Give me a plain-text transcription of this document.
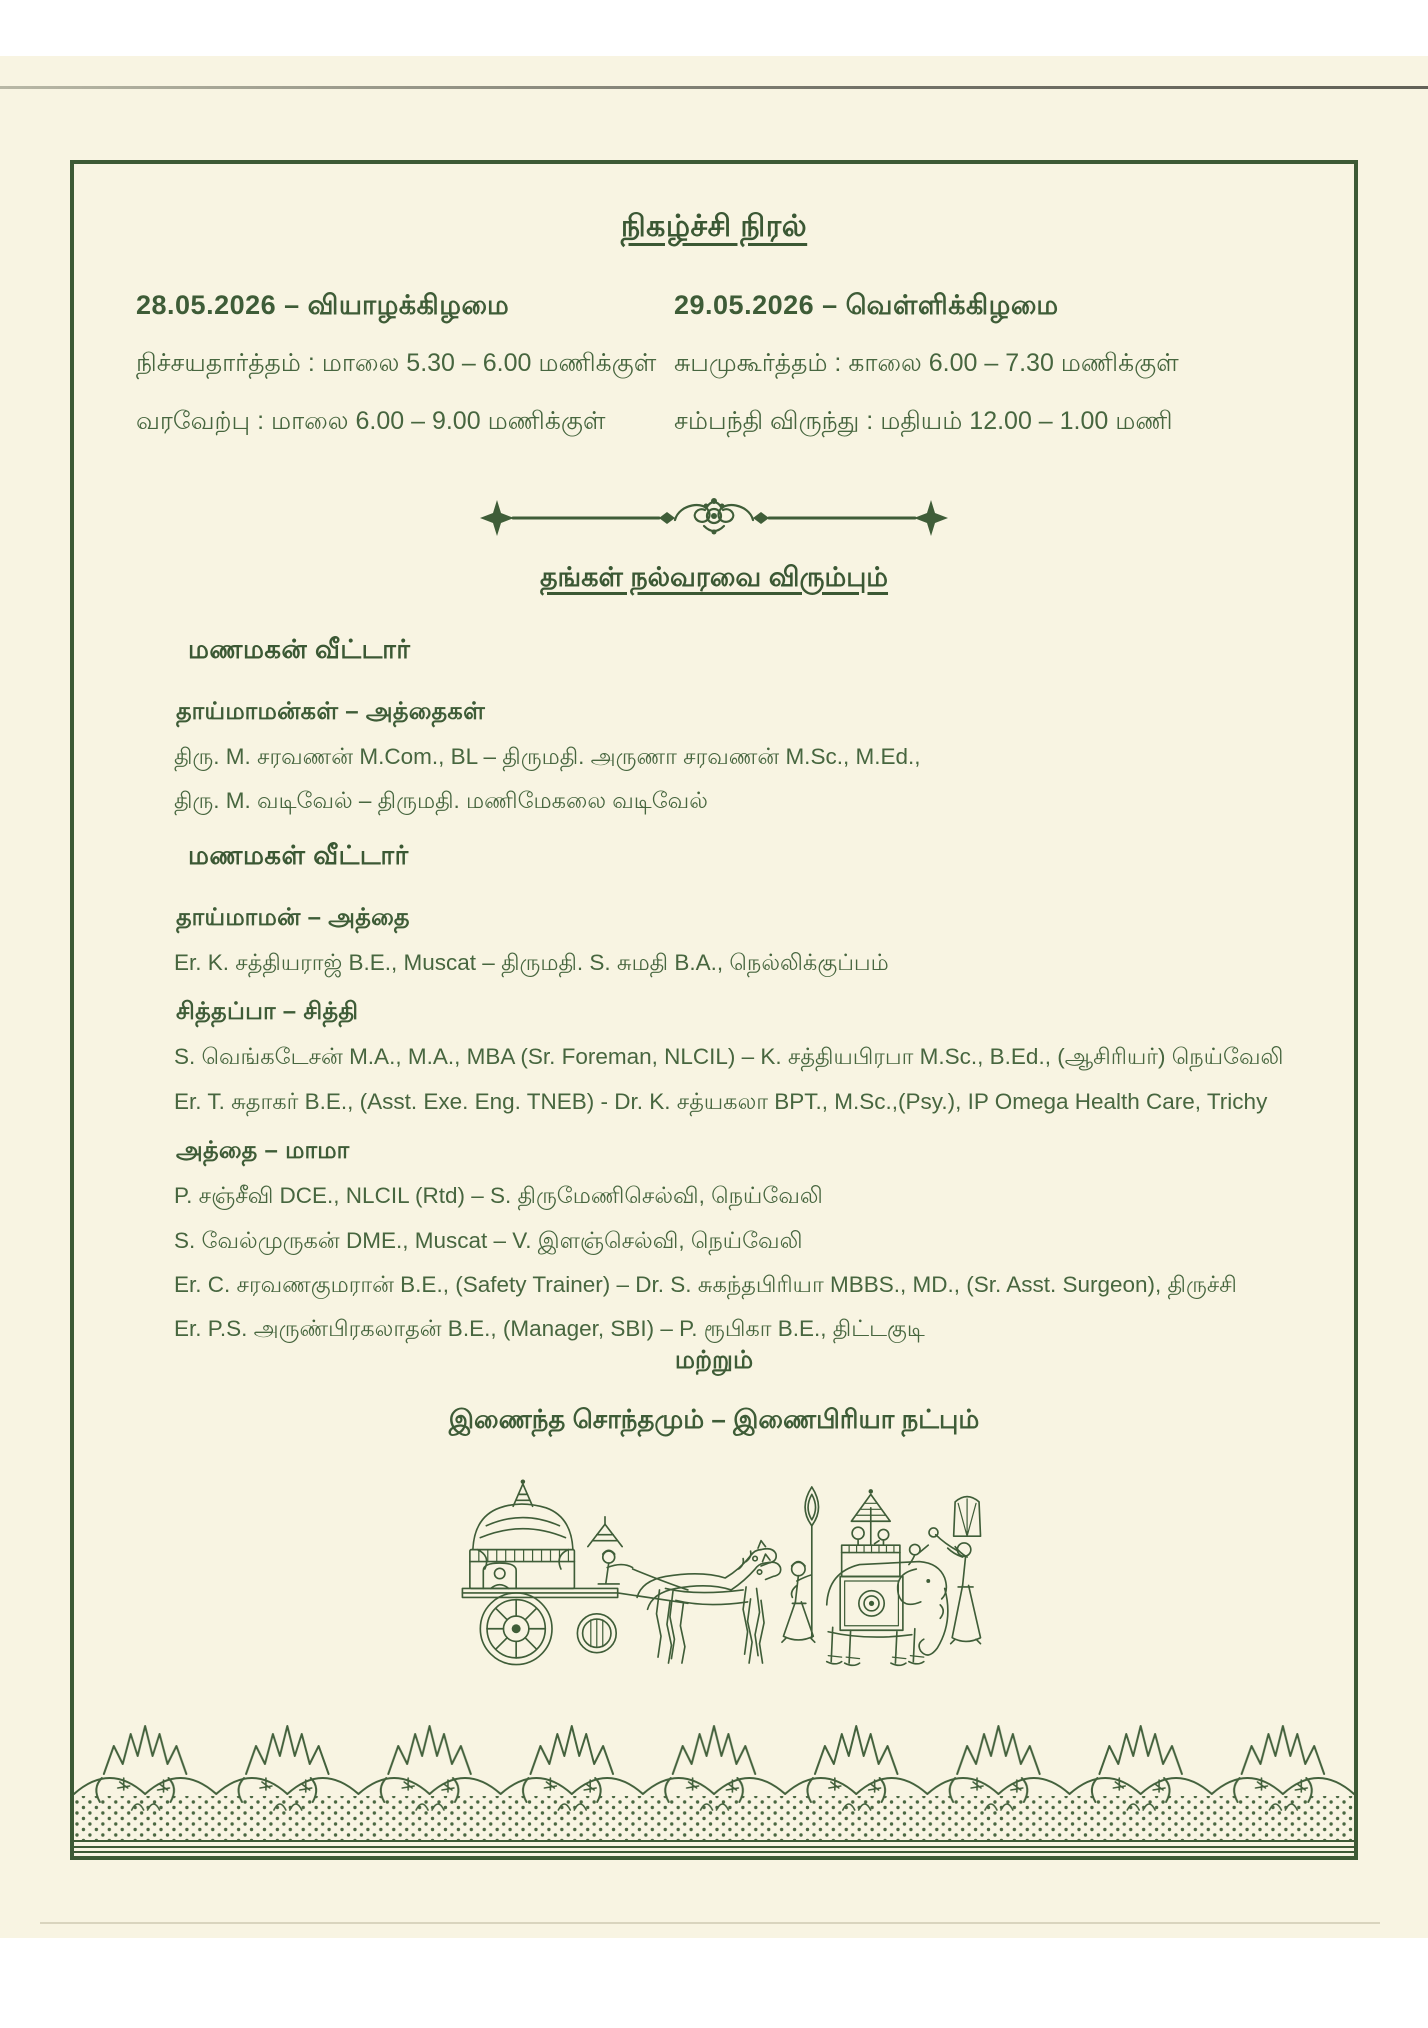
நிகழ்ச்சி நிரல்

28.05.2026 – வியாழக்கிழமை

நிச்சயதார்த்தம் : மாலை 5.30 – 6.00 மணிக்குள்

வரவேற்பு : மாலை 6.00 – 9.00 மணிக்குள்

29.05.2026 – வெள்ளிக்கிழமை

சுபமுகூர்த்தம் : காலை 6.00 – 7.30 மணிக்குள்

சம்பந்தி விருந்து : மதியம் 12.00 – 1.00 மணி

தங்கள் நல்வரவை விரும்பும்

மணமகன் வீட்டார்

தாய்மாமன்கள் – அத்தைகள்

திரு. M. சரவணன் M.Com., BL – திருமதி. அருணா சரவணன் M.Sc., M.Ed.,

திரு. M. வடிவேல் – திருமதி. மணிமேகலை வடிவேல்

மணமகள் வீட்டார்

தாய்மாமன் – அத்தை

Er. K. சத்தியராஜ் B.E., Muscat – திருமதி. S. சுமதி B.A., நெல்லிக்குப்பம்

சித்தப்பா – சித்தி

S. வெங்கடேசன் M.A., M.A., MBA (Sr. Foreman, NLCIL) – K. சத்தியபிரபா M.Sc., B.Ed., (ஆசிரியர்) நெய்வேலி

Er. T. சுதாகர் B.E., (Asst. Exe. Eng. TNEB) - Dr. K. சத்யகலா BPT., M.Sc.,(Psy.), IP Omega Health Care, Trichy

அத்தை – மாமா

P. சஞ்சீவி DCE., NLCIL (Rtd) – S. திருமேணிசெல்வி, நெய்வேலி

S. வேல்முருகன் DME., Muscat – V. இளஞ்செல்வி, நெய்வேலி

Er. C. சரவணகுமரான் B.E., (Safety Trainer) – Dr. S. சுகந்தபிரியா MBBS., MD., (Sr. Asst. Surgeon), திருச்சி

Er. P.S. அருண்பிரகலாதன் B.E., (Manager, SBI) – P. ரூபிகா B.E., திட்டகுடி

மற்றும்

இணைந்த சொந்தமும் – இணைபிரியா நட்பும்
